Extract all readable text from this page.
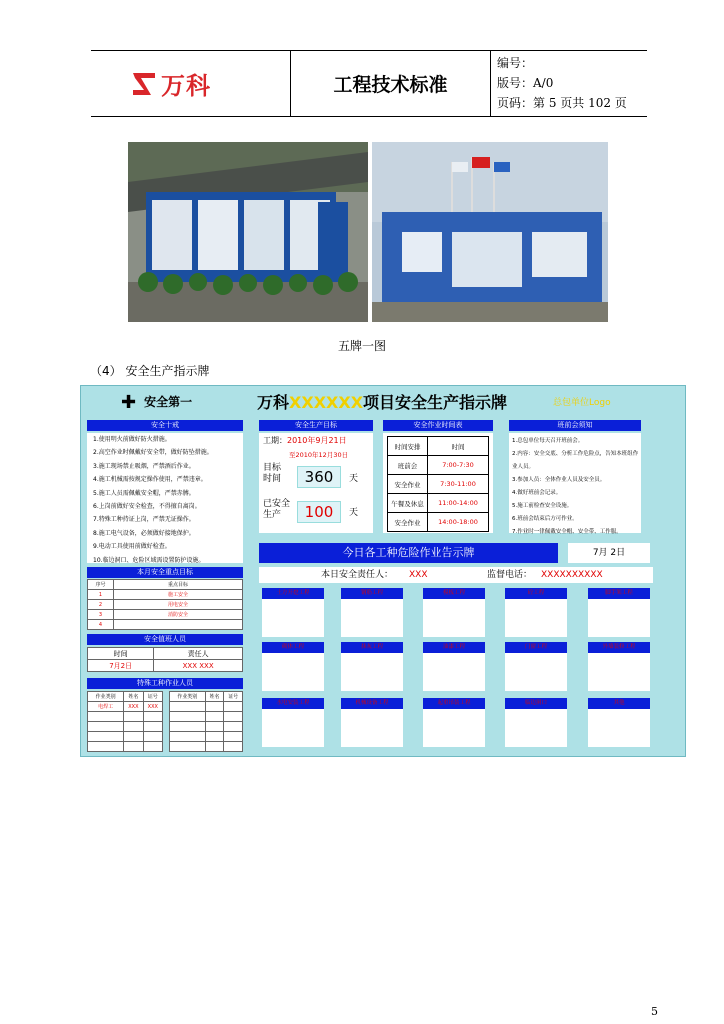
万科	工程技术标准
编号：
版号：A/0
页码：第 5 页共 102 页
五牌一图
（4） 安全生产指示牌
✚ 安全第一	万科XXXXXX项目安全生产指示牌	总包单位Logo
安全十戒
1.使用明火前做好防火措施。
2.高空作业时佩戴好安全带，做好防坠措施。
3.施工现场禁止吸烟，严禁酒后作业。
4.施工机械需按规定操作使用，严禁违章。
5.施工人员需佩戴安全帽，严禁赤膊。
6.上岗前做好安全检查，不得擅自离岗。
7.特殊工种持证上岗，严禁无证操作。
8.施工电气设备，必须做好接地保护。
9.电动工具使用前做好检查。
10.临边洞口、危险区域需设置防护设施。
本月安全重点目标
序号	重点目标
1	施工安全
2	用电安全
3	消防安全
4	
安全值班人员
时间	责任人
7月2日	XXX XXX
特殊工种作业人员
作业类别	姓名	证号
电焊工	XXX	XXX

作业类别	姓名	证号

安全生产目标
工期：2010年9月21日
至2010年12月30日
目标时间	360	天
已安全生产	100	天
安全作业时间表
时间安排	时间
班前会	7:00-7:30
安全作业	7:30-11:00
午餐及休息	11:00-14:00
安全作业	14:00-18:00
班前会须知
1.总包单位每天召开班前会。
2.内容：安全交底、分析工作危险点，告知本班组作业人员。
3.参加人员：全体作业人员及安全员。
4.做好班前会记录。
5.施工前检查安全设施。
6.班前会结束后方可作业。
7.作业时一律佩戴安全帽、安全带、工作服。
今日各工种危险作业告示牌	7月 2日
本日安全责任人： XXX	监督电话： XXXXXXXXXX
土方开挖工程	钢筋工程	模板工程	砼工程	脚手架工程
砌体工程	抹灰工程	油漆工程	门窗工程	外墙装修工程
水电安装工程	机械设备工程	起重吊装工程	临边洞口	其他
5
